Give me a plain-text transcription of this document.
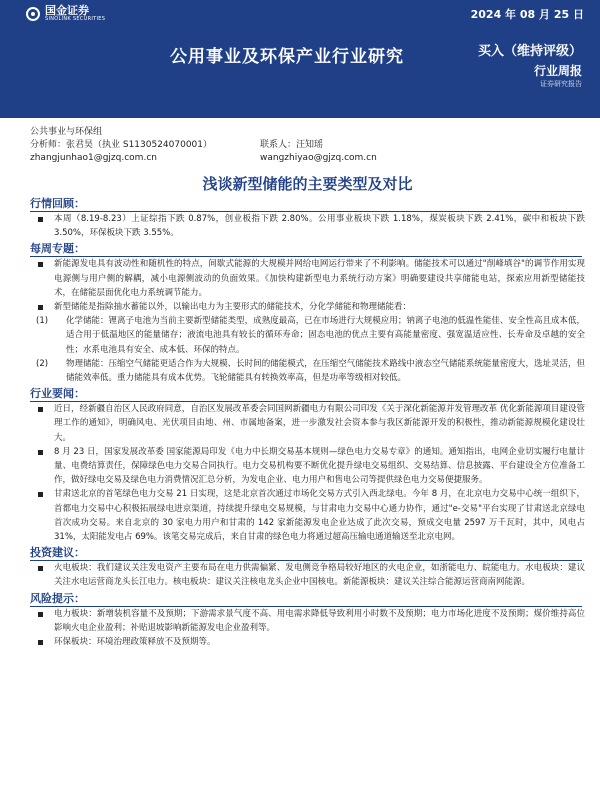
国金证券
SINOLINK SECURITIES	2024 年 08 月 25 日
公用事业及环保产业行业研究	买入（维持评级）
行业周报
证券研究报告
公共事业与环保组
分析师：张君昊（执业 S1130524070001）	联系人：汪知瑶
zhangjunhao1@gjzq.com.cn	wangzhiyao@gjzq.com.cn
浅谈新型储能的主要类型及对比
行情回顾：
本周（8.19-8.23）上证综指下跌 0.87%，创业板指下跌 2.80%。公用事业板块下跌 1.18%，煤炭板块下跌 2.41%，碳中和板块下跌 3.50%，环保板块下跌 3.55%。
每周专题：
新能源发电具有波动性和随机性的特点，间歇式能源的大规模并网给电网运行带来了不利影响。储能技术可以通过"削峰填谷"的调节作用实现电源侧与用户侧的解耦，减小电源侧波动的负面效果。《加快构建新型电力系统行动方案》明确要建设共享储能电站，探索应用新型储能技术，在储能层面优化电力系统调节能力。
新型储能是指除抽水蓄能以外，以输出电力为主要形式的储能技术，分化学储能和物理储能看：
(1) 化学储能：锂离子电池为当前主要新型储能类型，成熟度最高，已在市场进行大规模应用；钠离子电池的低温性能佳、安全性高且成本低，适合用于低温地区的能量储存；液流电池具有较长的循环寿命；固态电池的优点主要有高能量密度、强宽温适应性、长寿命及卓越的安全性；水系电池具有安全、成本低、环保的特点。
(2) 物理储能：压缩空气储能更适合作为大规模、长时间的储能模式，在压缩空气储能技术路线中液态空气储能系统能量密度大，选址灵活，但储能效率低。重力储能具有成本优势。飞轮储能具有转换效率高，但是功率等级相对较低。
行业要闻：
近日，经新疆自治区人民政府同意，自治区发展改革委会同国网新疆电力有限公司印发《关于深化新能源并发管理改革 优化新能源项目建设管理工作的通知》，明确风电、光伏项目由地、州、市属地备案，进一步激发社会资本参与我区新能源开发的积极性，推动新能源规模化建设壮大。
8 月 23 日，国家发展改革委 国家能源局印发《电力中长期交易基本规则—绿色电力交易专章》的通知。通知指出，电网企业切实履行电量计量、电费结算责任，保障绿色电力交易合同执行。电力交易机构要不断优化提升绿电交易组织、交易结算、信息披露、平台建设全方位准备工作，做好绿电交易及绿色电力消费情况汇总分析，为发电企业、电力用户和售电公司等提供绿色电力交易便捷服务。
甘肃送北京的首笔绿色电力交易 21 日实现，这是北京首次通过市场化交易方式引入西北绿电。今年 8 月，在北京电力交易中心统一组织下，首都电力交易中心积极拓展绿电进京渠道，持续提升绿电交易规模，与甘肃电力交易中心通力协作，通过"e-交易"平台实现了甘肃送北京绿电首次成功交易。来自北京的 30 家电力用户和甘肃的 142 家新能源发电企业达成了此次交易，预成交电量 2597 万千瓦时，其中，风电占 31%，太阳能发电占 69%。该笔交易完成后，来自甘肃的绿色电力将通过超高压输电通道输送至北京电网。
投资建议：
火电板块：我们建议关注发电资产主要布局在电力供需偏紧、发电侧竞争格局较好地区的火电企业，如浙能电力、皖能电力。水电板块：建议关注水电运营商龙头长江电力。核电板块：建议关注核电龙头企业中国核电。新能源板块：建议关注综合能源运营商南网能源。
风险提示：
电力板块：新增装机容量不及预期；下游需求景气度不高、用电需求降低导致利用小时数不及预期；电力市场化进度不及预期；煤价维持高位影响火电企业盈利；补贴退坡影响新能源发电企业盈利等。
环保板块：环境治理政策释放不及预期等。
